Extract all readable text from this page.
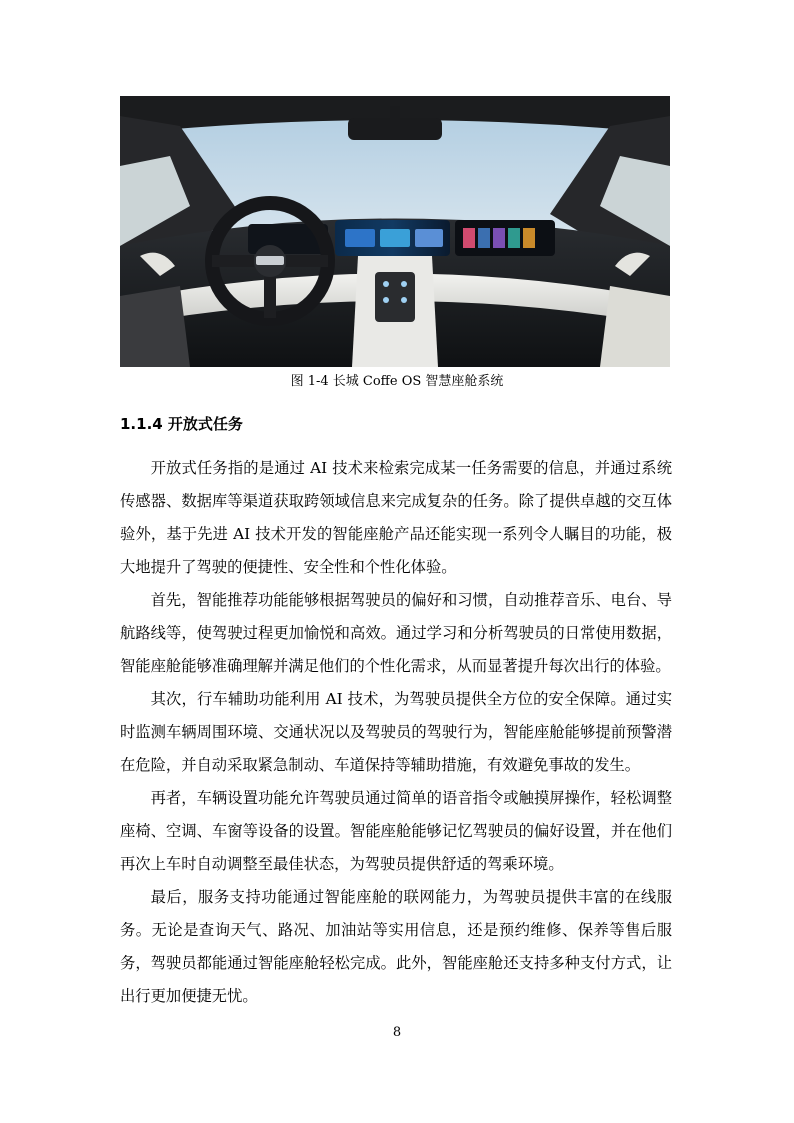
图 1-4 长城 Coffe OS 智慧座舱系统
1.1.4 开放式任务

开放式任务指的是通过 AI 技术来检索完成某一任务需要的信息，并通过系统传感器、数据库等渠道获取跨领域信息来完成复杂的任务。除了提供卓越的交互体验外，基于先进 AI 技术开发的智能座舱产品还能实现一系列令人瞩目的功能，极大地提升了驾驶的便捷性、安全性和个性化体验。

首先，智能推荐功能能够根据驾驶员的偏好和习惯，自动推荐音乐、电台、导航路线等，使驾驶过程更加愉悦和高效。通过学习和分析驾驶员的日常使用数据，智能座舱能够准确理解并满足他们的个性化需求，从而显著提升每次出行的体验。

其次，行车辅助功能利用 AI 技术，为驾驶员提供全方位的安全保障。通过实时监测车辆周围环境、交通状况以及驾驶员的驾驶行为，智能座舱能够提前预警潜在危险，并自动采取紧急制动、车道保持等辅助措施，有效避免事故的发生。

再者，车辆设置功能允许驾驶员通过简单的语音指令或触摸屏操作，轻松调整座椅、空调、车窗等设备的设置。智能座舱能够记忆驾驶员的偏好设置，并在他们再次上车时自动调整至最佳状态，为驾驶员提供舒适的驾乘环境。

最后，服务支持功能通过智能座舱的联网能力，为驾驶员提供丰富的在线服务。无论是查询天气、路况、加油站等实用信息，还是预约维修、保养等售后服务，驾驶员都能通过智能座舱轻松完成。此外，智能座舱还支持多种支付方式，让出行更加便捷无忧。

8
